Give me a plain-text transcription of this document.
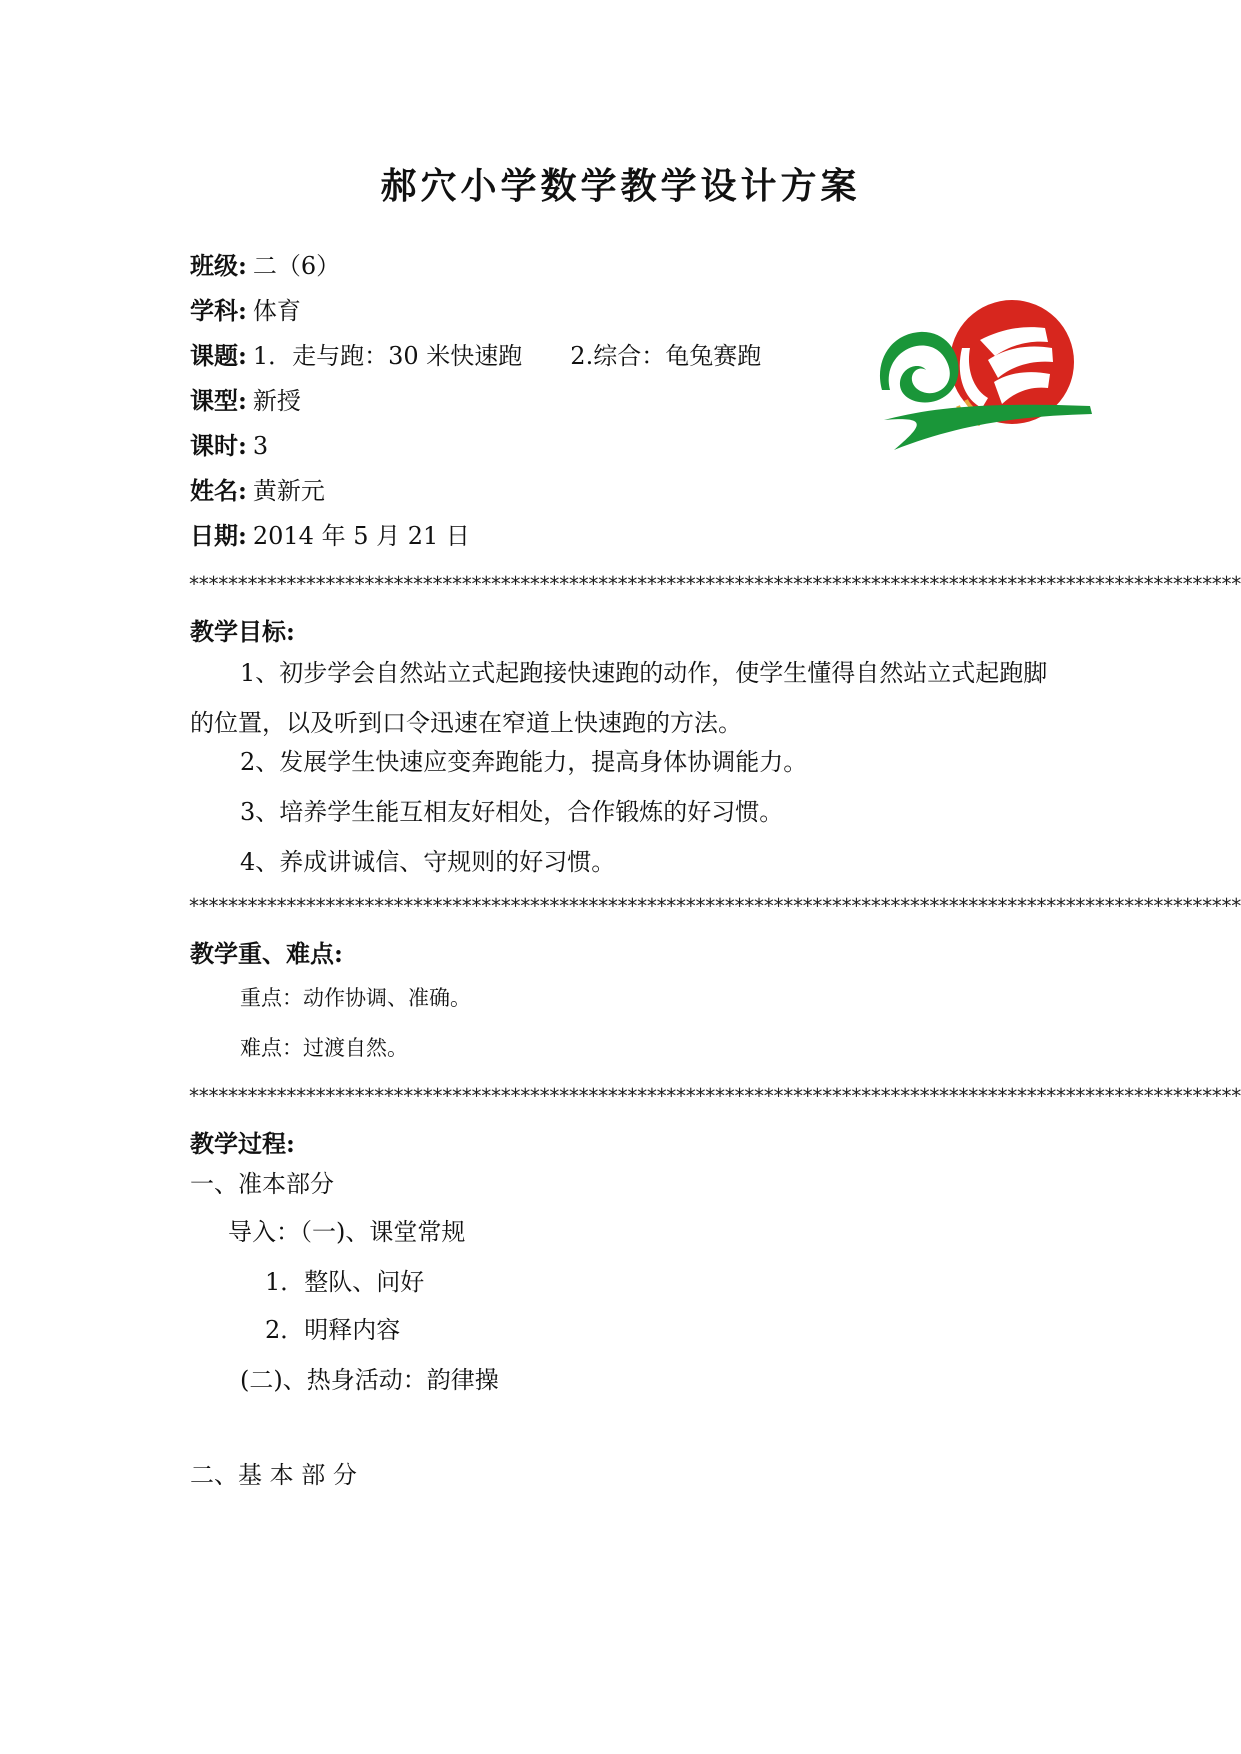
郝穴小学数学教学设计方案
班级: 二（6）
学科: 体育
课题: 1．走与跑：30 米快速跑 2.综合：龟兔赛跑
课型: 新授
课时: 3
姓名: 黄新元
日期: 2014 年 5 月 21 日
************************************************************************************************************
教学目标:
1、初步学会自然站立式起跑接快速跑的动作，使学生懂得自然站立式起跑脚的位置，以及听到口令迅速在窄道上快速跑的方法。
2、发展学生快速应变奔跑能力，提高身体协调能力。
3、培养学生能互相友好相处，合作锻炼的好习惯。
4、养成讲诚信、守规则的好习惯。
************************************************************************************************************
教学重、难点:
重点：动作协调、准确。
难点：过渡自然。
************************************************************************************************************
教学过程:
一、准本部分
导入：（一)、课堂常规
1．整队、问好
2．明释内容
(二)、热身活动：韵律操
二、基 本 部 分
